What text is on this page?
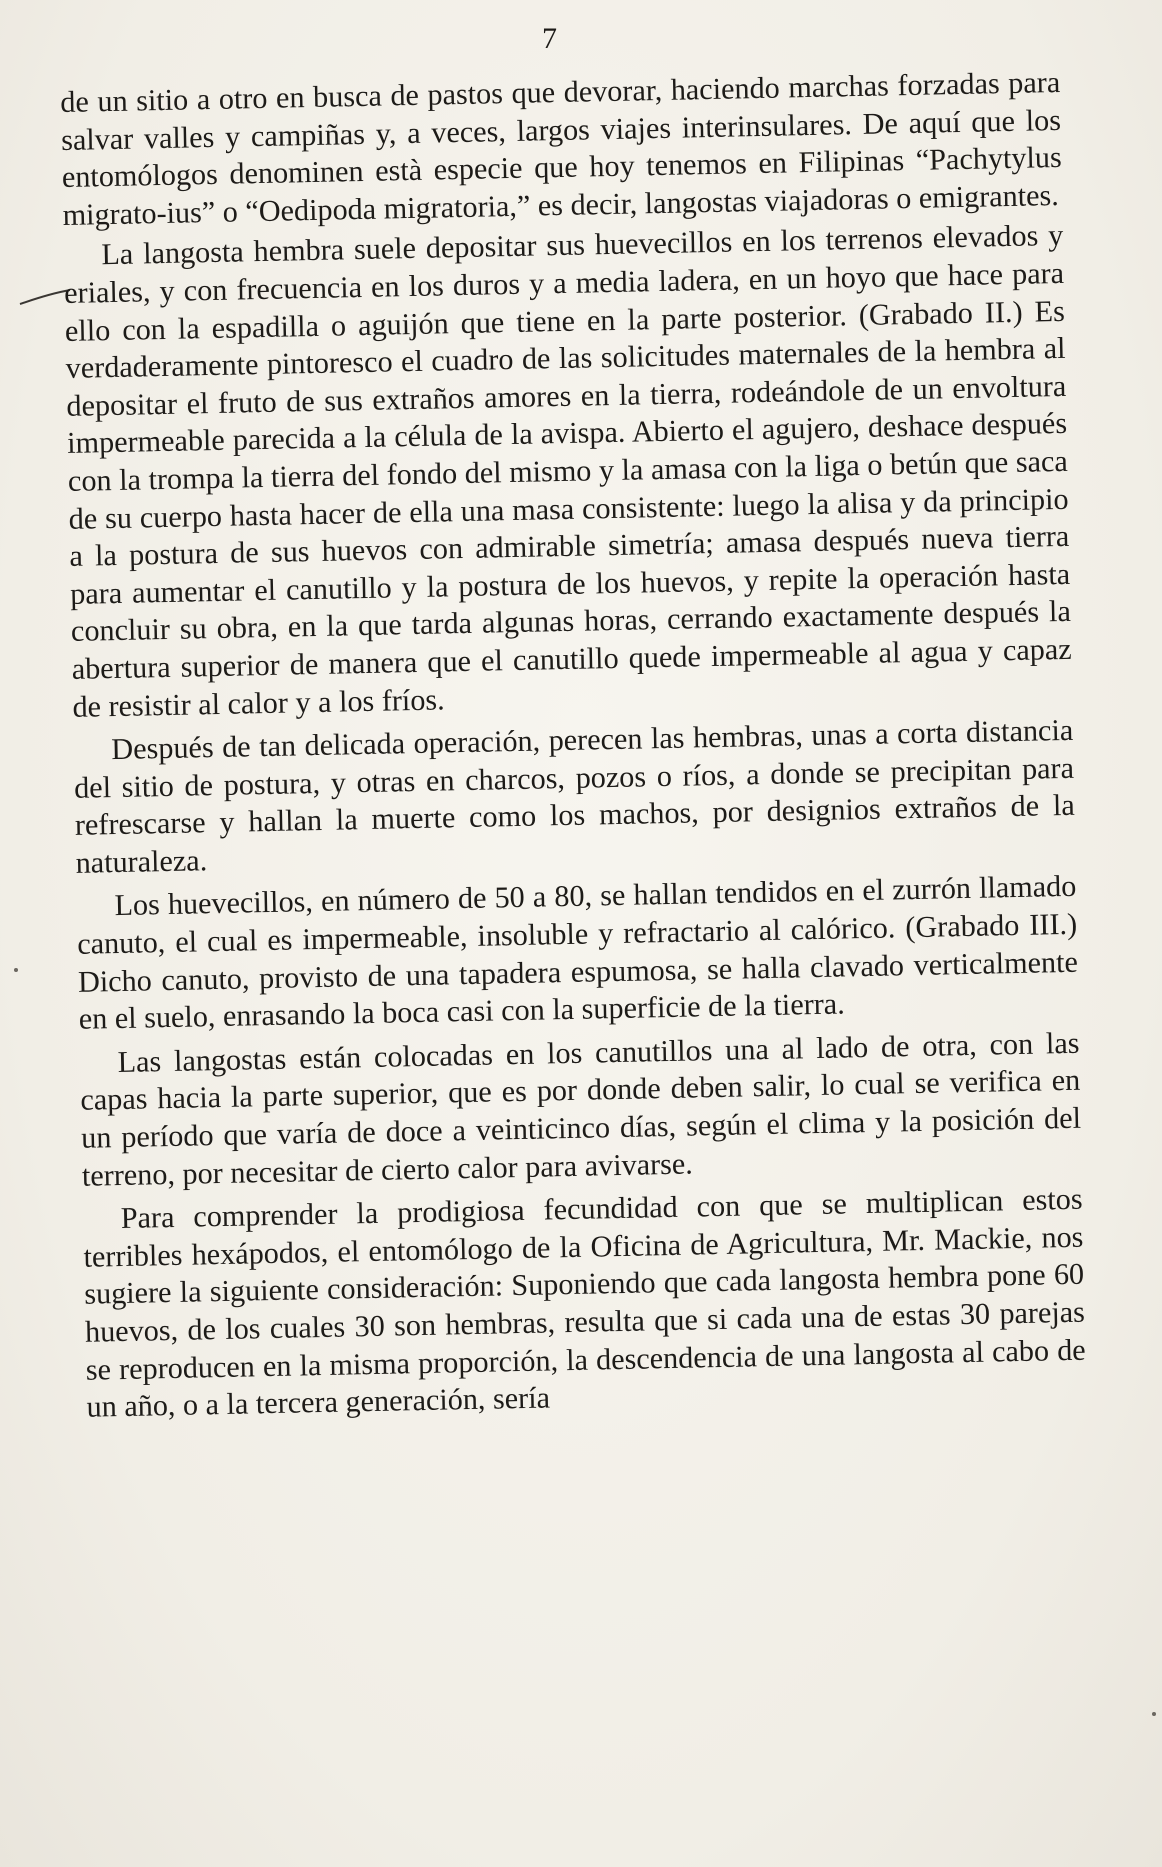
7

de un sitio a otro en busca de pastos que devorar, haciendo marchas forzadas para salvar valles y campiñas y, a veces, largos viajes interinsulares. De aquí que los entomólogos denominen està especie que hoy tenemos en Filipinas “Pachytylus migrato-ius” o “Oedipoda migratoria,” es decir, langostas viajadoras o emigrantes.

La langosta hembra suele depositar sus huevecillos en los terrenos elevados y eriales, y con frecuencia en los duros y a media ladera, en un hoyo que hace para ello con la espadilla o aguijón que tiene en la parte posterior. (Grabado II.) Es verdaderamente pintoresco el cuadro de las solicitudes maternales de la hembra al depositar el fruto de sus extraños amores en la tierra, rodeándole de un envoltura impermeable parecida a la célula de la avispa. Abierto el agujero, deshace después con la trompa la tierra del fondo del mismo y la amasa con la liga o betún que saca de su cuerpo hasta hacer de ella una masa consistente: luego la alisa y da principio a la postura de sus huevos con admirable simetría; amasa después nueva tierra para aumentar el canutillo y la postura de los huevos, y repite la operación hasta concluir su obra, en la que tarda algunas horas, cerrando exactamente después la abertura superior de manera que el canutillo quede impermeable al agua y capaz de resistir al calor y a los fríos.

Después de tan delicada operación, perecen las hembras, unas a corta distancia del sitio de postura, y otras en charcos, pozos o ríos, a donde se precipitan para refrescarse y hallan la muerte como los machos, por designios extraños de la naturaleza.

Los huevecillos, en número de 50 a 80, se hallan tendidos en el zurrón llamado canuto, el cual es impermeable, insoluble y refractario al calórico. (Grabado III.) Dicho canuto, provisto de una tapadera espumosa, se halla clavado verticalmente en el suelo, enrasando la boca casi con la superficie de la tierra.

Las langostas están colocadas en los canutillos una al lado de otra, con las capas hacia la parte superior, que es por donde deben salir, lo cual se verifica en un período que varía de doce a veinticinco días, según el clima y la posición del terreno, por necesitar de cierto calor para avivarse.

Para comprender la prodigiosa fecundidad con que se multiplican estos terribles hexápodos, el entomólogo de la Oficina de Agricultura, Mr. Mackie, nos sugiere la siguiente consideración: Suponiendo que cada langosta hembra pone 60 huevos, de los cuales 30 son hembras, resulta que si cada una de estas 30 parejas se reproducen en la misma proporción, la descendencia de una langosta al cabo de un año, o a la tercera generación, sería
